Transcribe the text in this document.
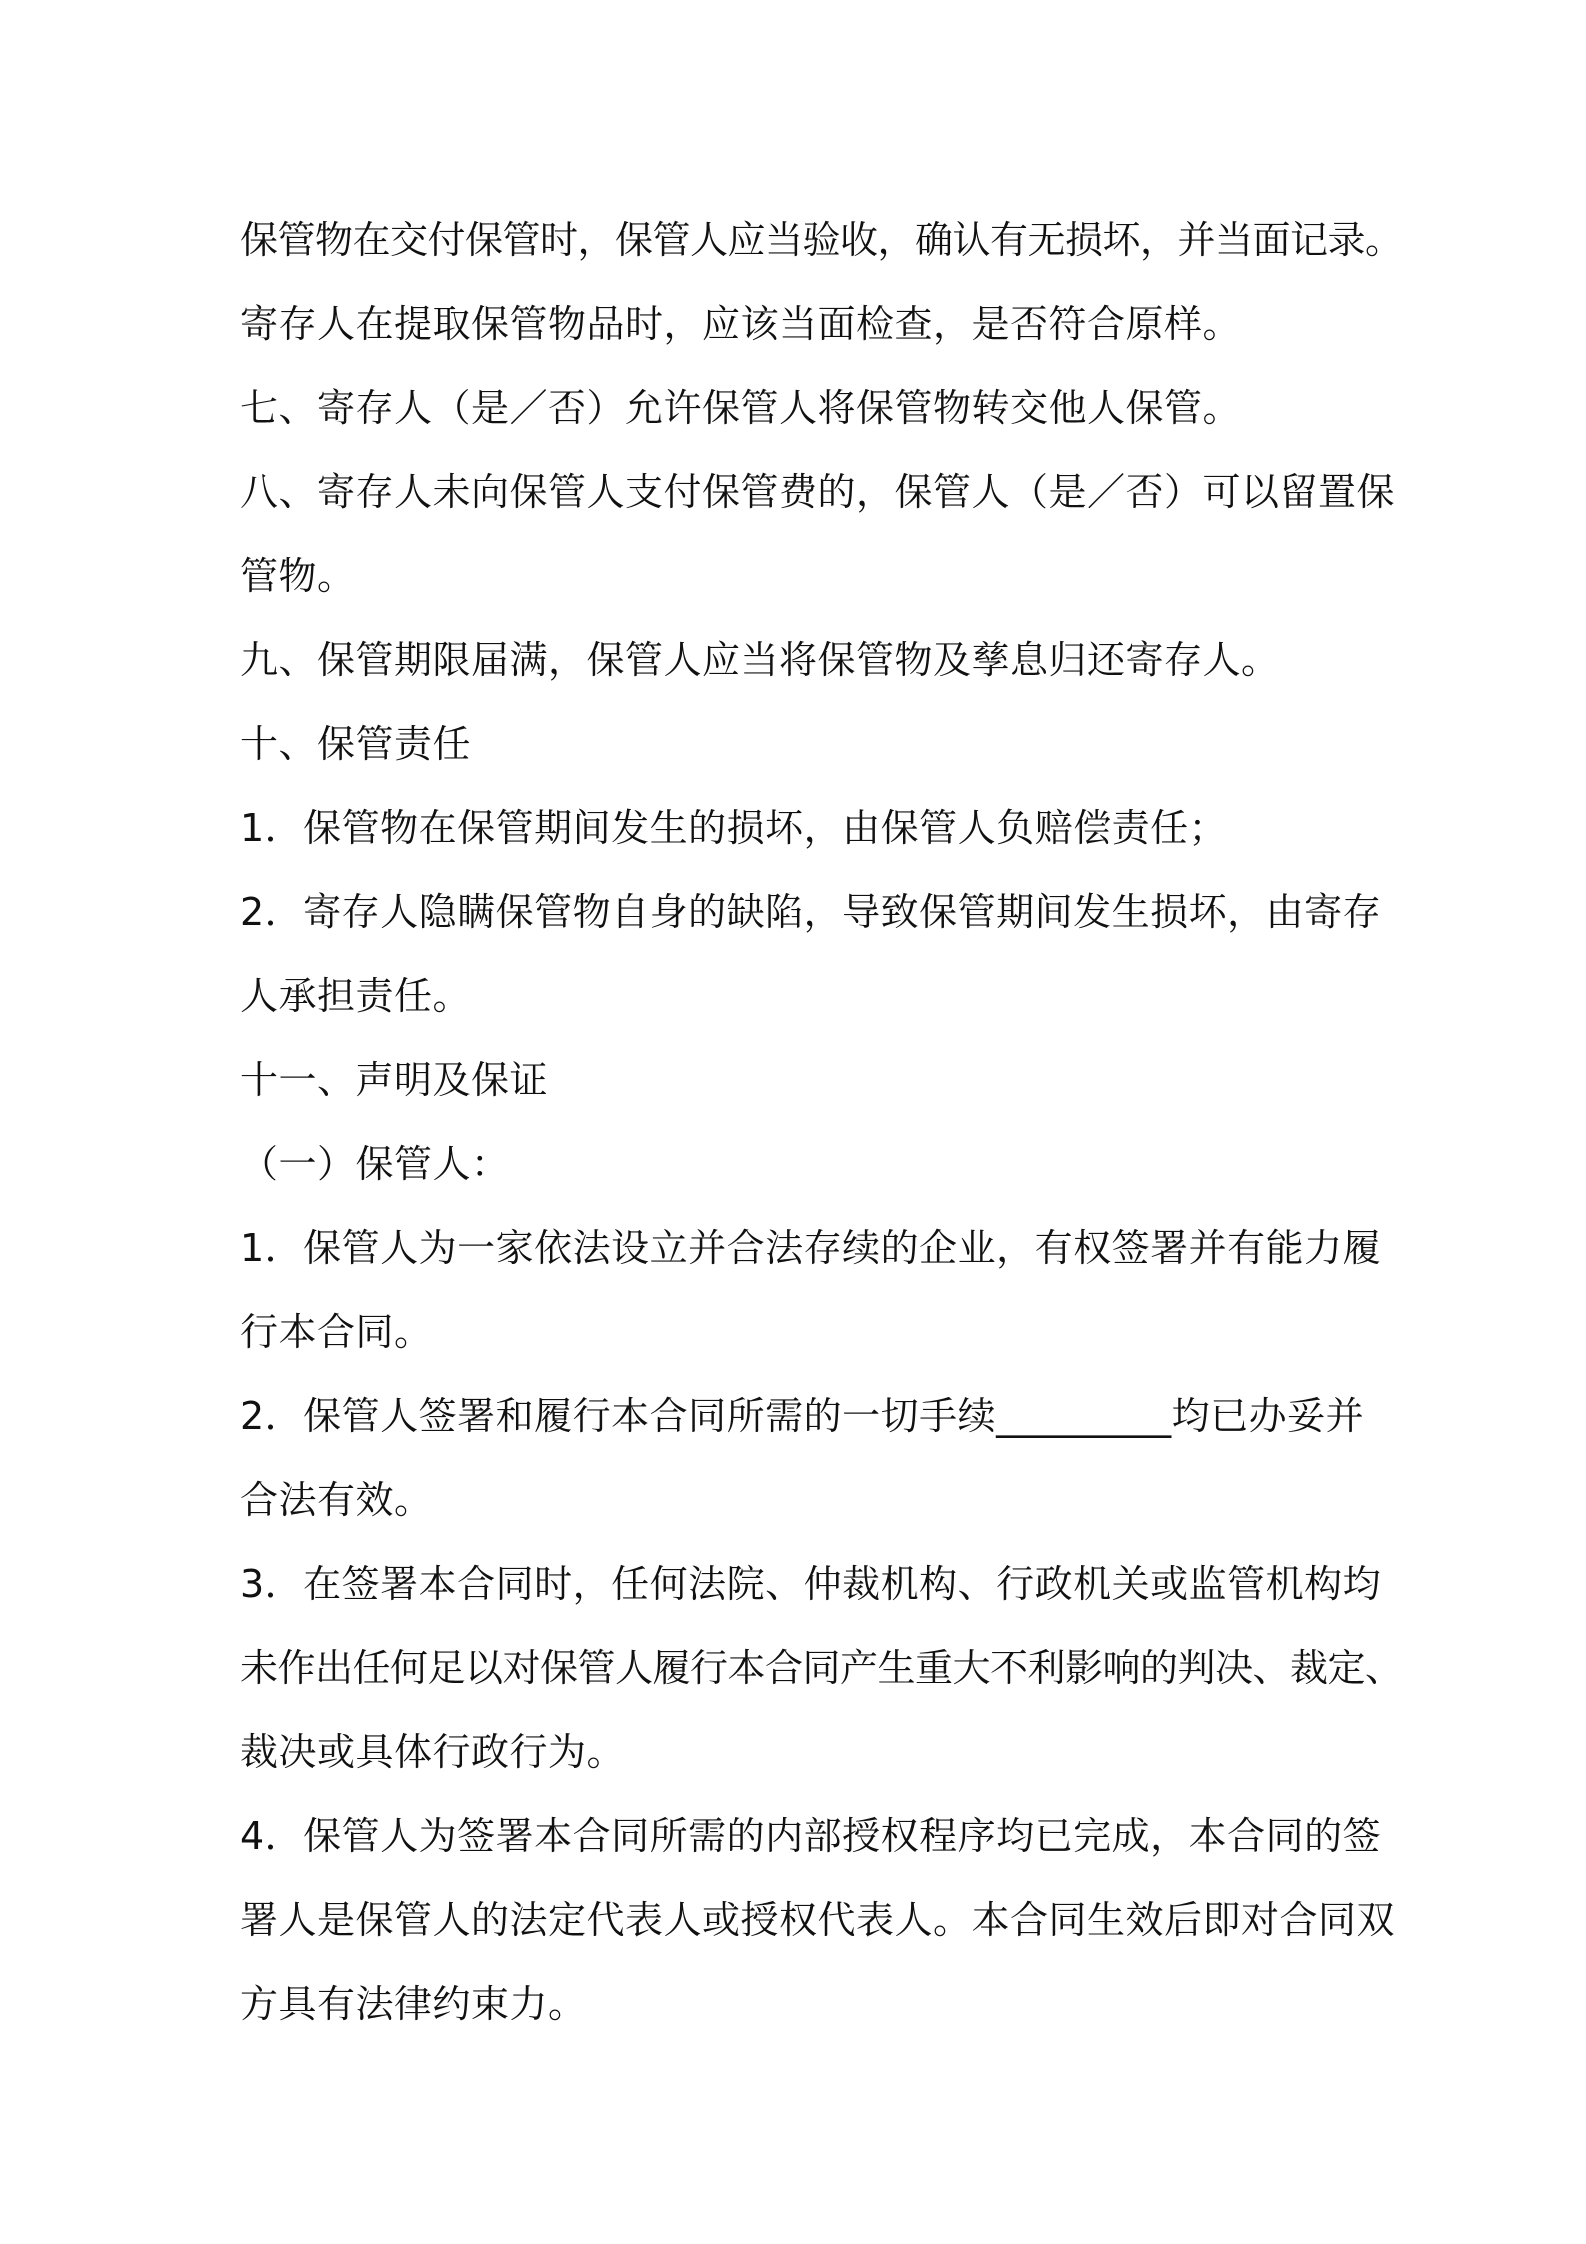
保管物在交付保管时，保管人应当验收，确认有无损坏，并当面记录。
寄存人在提取保管物品时，应该当面检查，是否符合原样。
七、寄存人（是／否）允许保管人将保管物转交他人保管。
八、寄存人未向保管人支付保管费的，保管人（是／否）可以留置保
管物。
九、保管期限届满，保管人应当将保管物及孳息归还寄存人。
十、保管责任
1．保管物在保管期间发生的损坏，由保管人负赔偿责任；
2．寄存人隐瞒保管物自身的缺陷，导致保管期间发生损坏，由寄存
人承担责任。
十一、声明及保证
（一）保管人：
1．保管人为一家依法设立并合法存续的企业，有权签署并有能力履
行本合同。
2．保管人签署和履行本合同所需的一切手续_________均已办妥并
合法有效。
3．在签署本合同时，任何法院、仲裁机构、行政机关或监管机构均
未作出任何足以对保管人履行本合同产生重大不利影响的判决、裁定、
裁决或具体行政行为。
4．保管人为签署本合同所需的内部授权程序均已完成，本合同的签
署人是保管人的法定代表人或授权代表人。本合同生效后即对合同双
方具有法律约束力。
